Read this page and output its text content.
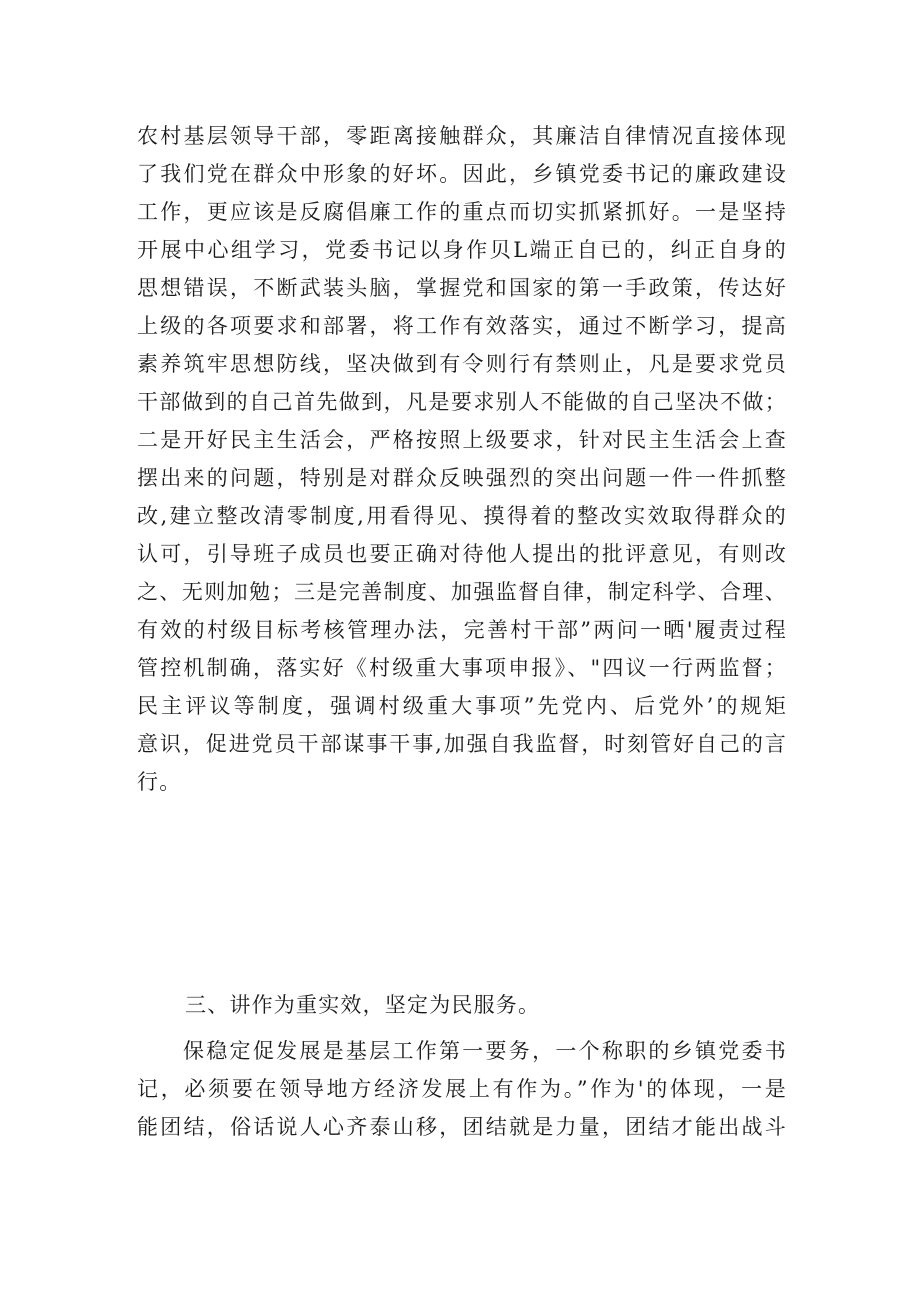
农村基层领导干部，零距离接触群众，其廉洁自律情况直接体现
了我们党在群众中形象的好坏。因此，乡镇党委书记的廉政建设
工作，更应该是反腐倡廉工作的重点而切实抓紧抓好。一是坚持
开展中心组学习，党委书记以身作贝L端正自已的，纠正自身的
思想错误，不断武装头脑，掌握党和国家的第一手政策，传达好
上级的各项要求和部署，将工作有效落实，通过不断学习，提高
素养筑牢思想防线，坚决做到有令则行有禁则止，凡是要求党员
干部做到的自己首先做到，凡是要求别人不能做的自己坚决不做；
二是开好民主生活会，严格按照上级要求，针对民主生活会上查
摆出来的问题，特别是对群众反映强烈的突出问题一件一件抓整
改,建立整改清零制度,用看得见、摸得着的整改实效取得群众的
认可，引导班子成员也要正确对待他人提出的批评意见，有则改
之、无则加勉；三是完善制度、加强监督自律，制定科学、合理、
有效的村级目标考核管理办法，完善村干部”两问一晒'履责过程
管控机制确，落实好《村级重大事项申报》、"四议一行两监督；
民主评议等制度，强调村级重大事项”先党内、后党外’的规矩
意识，促进党员干部谋事干事,加强自我监督，时刻管好自己的言
行。
三、讲作为重实效，坚定为民服务。
保稳定促发展是基层工作第一要务，一个称职的乡镇党委书
记，必须要在领导地方经济发展上有作为。”作为'的体现，一是
能团结，俗话说人心齐泰山移，团结就是力量，团结才能出战斗
